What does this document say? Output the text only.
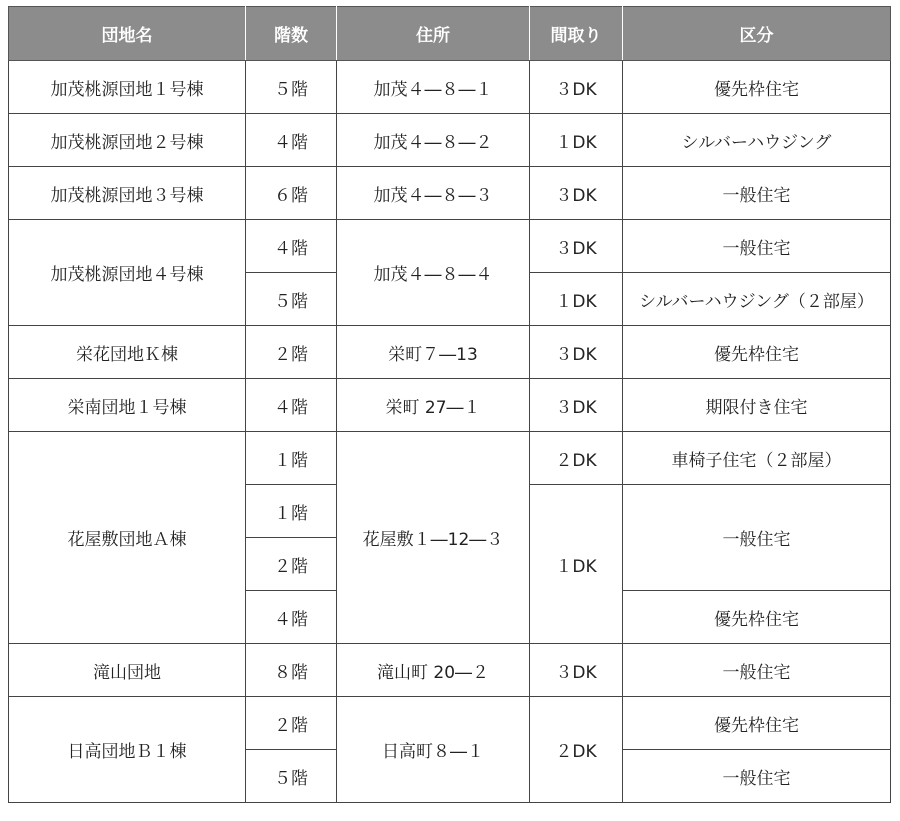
団地名	階数	住所	間取り	区分
加茂桃源団地１号棟	５階	加茂４―８―１	３DK	優先枠住宅
加茂桃源団地２号棟	４階	加茂４―８―２	１DK	シルバーハウジング
加茂桃源団地３号棟	６階	加茂４―８―３	３DK	一般住宅
加茂桃源団地４号棟	４階	加茂４―８―４	３DK	一般住宅
	５階		１DK	シルバーハウジング（２部屋）
栄花団地Ｋ棟	２階	栄町７―13	３DK	優先枠住宅
栄南団地１号棟	４階	栄町 27―１	３DK	期限付き住宅
花屋敷団地Ａ棟	１階	花屋敷１―12―３	２DK	車椅子住宅（２部屋）
	１階		１DK	一般住宅
	２階			
	４階			優先枠住宅
滝山団地	８階	滝山町 20―２	３DK	一般住宅
日高団地Ｂ１棟	２階	日高町８―１	２DK	優先枠住宅
	５階			一般住宅
